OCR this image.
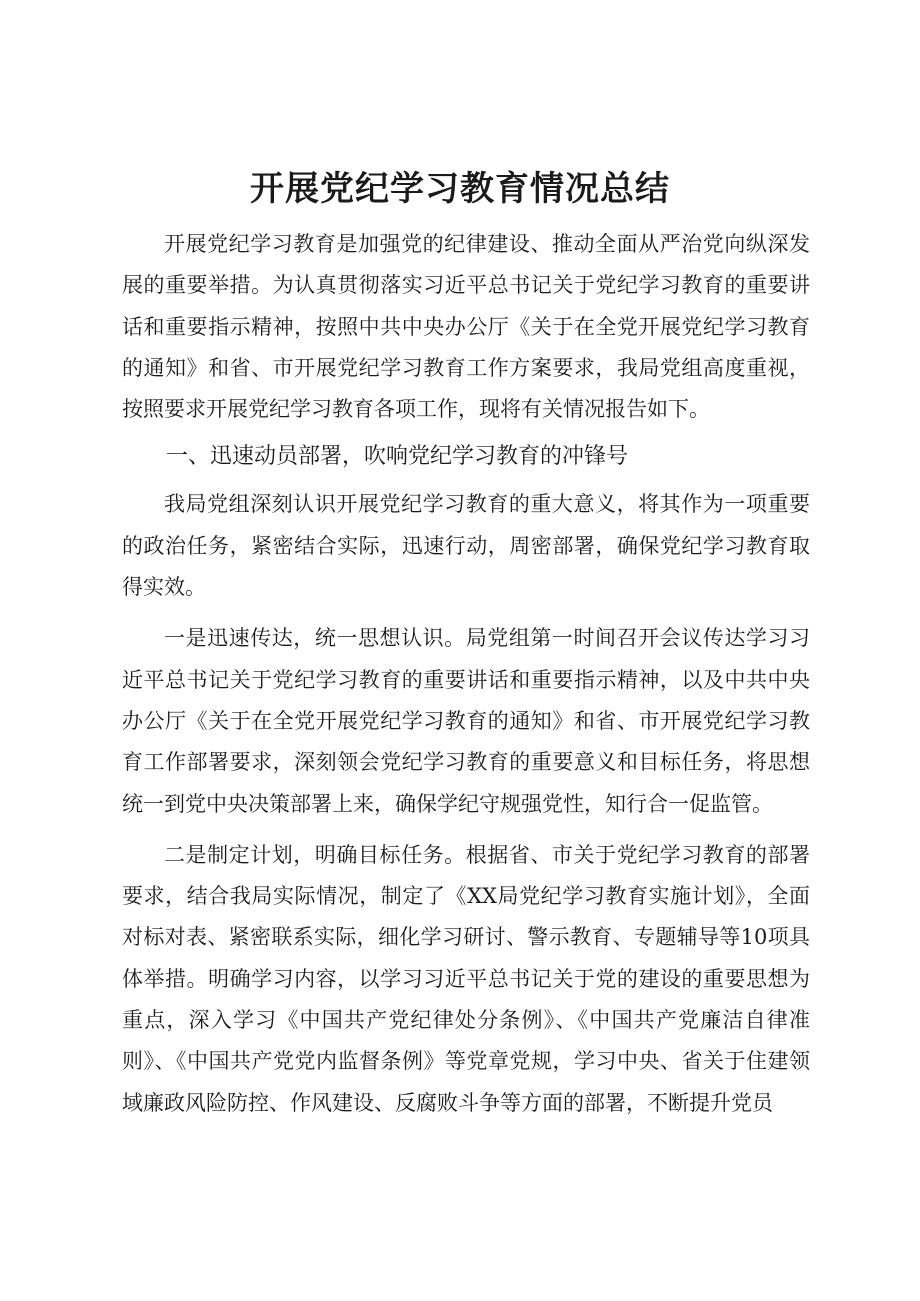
开展党纪学习教育情况总结

开展党纪学习教育是加强党的纪律建设、推动全面从严治党向纵深发展的重要举措。为认真贯彻落实习近平总书记关于党纪学习教育的重要讲话和重要指示精神，按照中共中央办公厅《关于在全党开展党纪学习教育的通知》和省、市开展党纪学习教育工作方案要求，我局党组高度重视，按照要求开展党纪学习教育各项工作，现将有关情况报告如下。

一、迅速动员部署，吹响党纪学习教育的冲锋号

我局党组深刻认识开展党纪学习教育的重大意义，将其作为一项重要的政治任务，紧密结合实际，迅速行动，周密部署，确保党纪学习教育取得实效。

一是迅速传达，统一思想认识。局党组第一时间召开会议传达学习习近平总书记关于党纪学习教育的重要讲话和重要指示精神，以及中共中央办公厅《关于在全党开展党纪学习教育的通知》和省、市开展党纪学习教育工作部署要求，深刻领会党纪学习教育的重要意义和目标任务，将思想统一到党中央决策部署上来，确保学纪守规强党性，知行合一促监管。

二是制定计划，明确目标任务。根据省、市关于党纪学习教育的部署要求，结合我局实际情况，制定了《XX局党纪学习教育实施计划》，全面对标对表、紧密联系实际，细化学习研讨、警示教育、专题辅导等10项具体举措。明确学习内容，以学习习近平总书记关于党的建设的重要思想为重点，深入学习《中国共产党纪律处分条例》、《中国共产党廉洁自律准则》、《中国共产党党内监督条例》等党章党规，学习中央、省关于住建领域廉政风险防控、作风建设、反腐败斗争等方面的部署，不断提升党员
